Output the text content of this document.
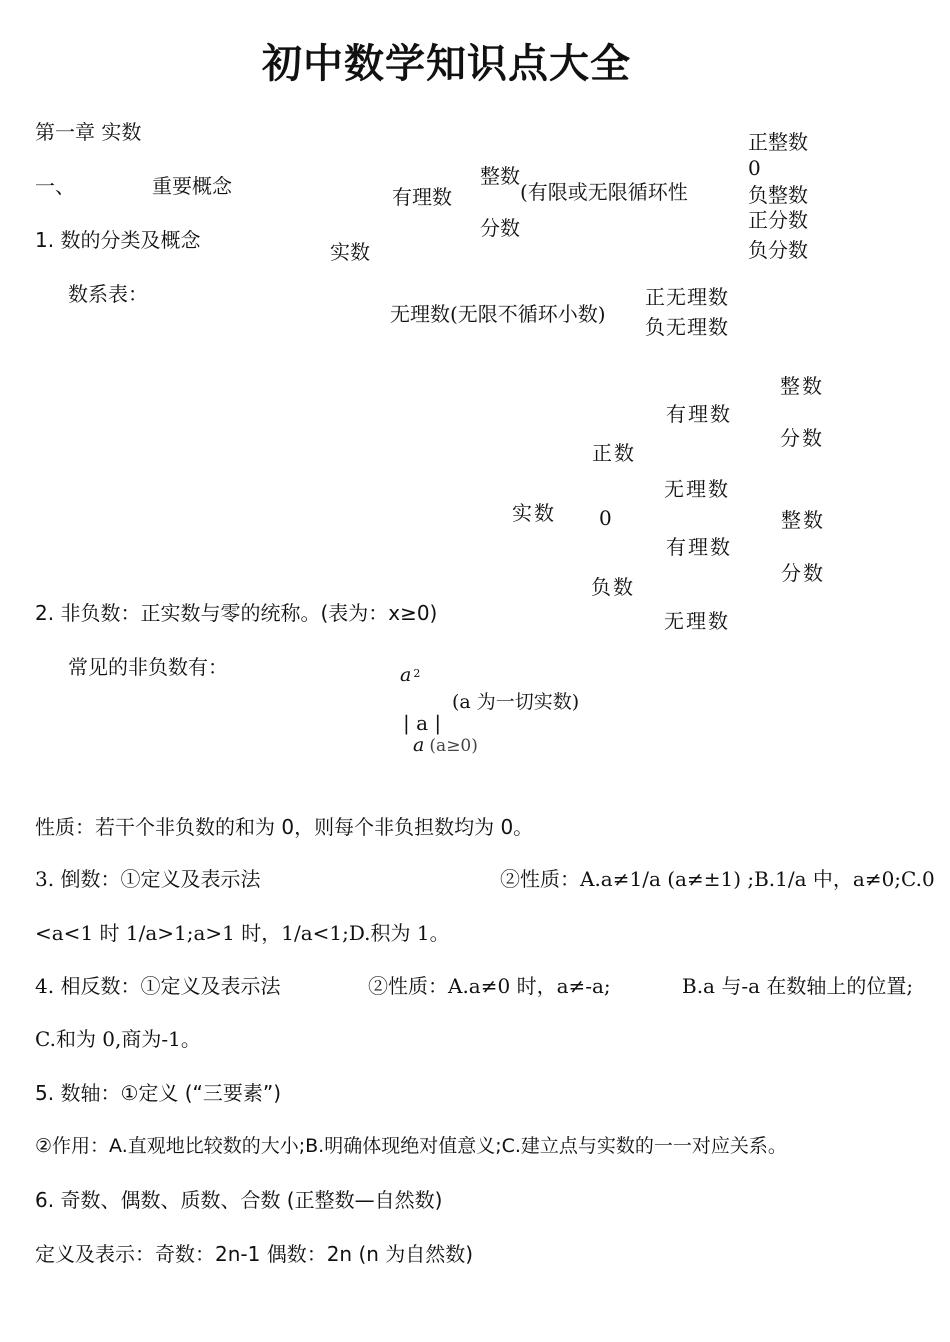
初中数学知识点大全
第一章 实数
一、	重要概念
1. 数的分类及概念
数系表：
实数
有理数
整数
分数
(有限或无限循环性
正整数
0
负整数
正分数
负分数
无理数(无限不循环小数)
正无理数
负无理数
实数
正数
0
负数
有理数
无理数
有理数
无理数
整数
分数
整数
分数
2. 非负数：正实数与零的统称。(表为：x≥0)
常见的非负数有：	a $^2$
| a |
(a 为一切实数)
a (a≥0)
性质：若干个非负数的和为 0，则每个非负担数均为 0。
3. 倒数：①定义及表示法	②性质：A.a≠1/a (a≠±1) ;B.1/a 中，a≠0;C.0
<a<1 时 1/a>1;a>1 时，1/a<1;D.积为 1。
4. 相反数：①定义及表示法	②性质：A.a≠0 时，a≠-a;	B.a 与-a 在数轴上的位置;
C.和为 0,商为-1。
5. 数轴：①定义 (“三要素”)
②作用：A.直观地比较数的大小;B.明确体现绝对值意义;C.建立点与实数的一一对应关系。
6. 奇数、偶数、质数、合数 (正整数—自然数)
定义及表示：奇数：2n-1 偶数：2n (n 为自然数)
